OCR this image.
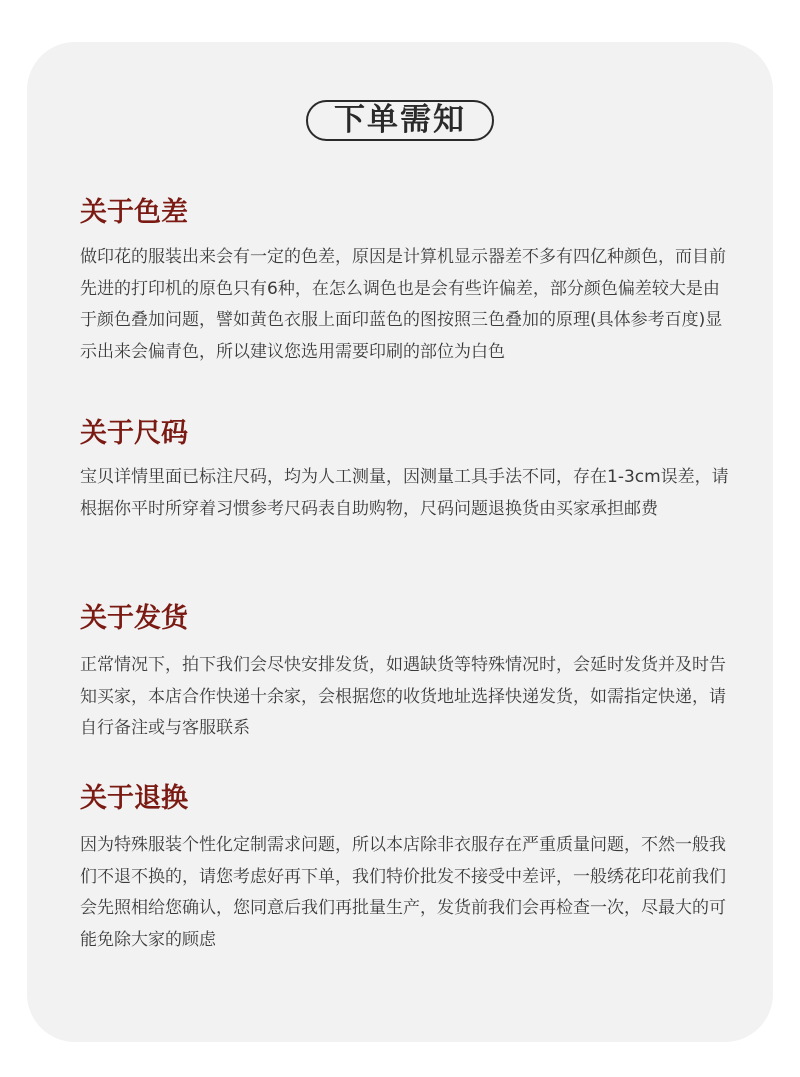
下单需知
关于色差

做印花的服装出来会有一定的色差，原因是计算机显示器差不多有四亿种颜色，而目前先进的打印机的原色只有6种，在怎么调色也是会有些许偏差，部分颜色偏差较大是由于颜色叠加问题，譬如黄色衣服上面印蓝色的图按照三色叠加的原理(具体参考百度)显示出来会偏青色，所以建议您选用需要印刷的部位为白色

关于尺码

宝贝详情里面已标注尺码，均为人工测量，因测量工具手法不同，存在1-3cm误差，请根据你平时所穿着习惯参考尺码表自助购物，尺码问题退换货由买家承担邮费

关于发货

正常情况下，拍下我们会尽快安排发货，如遇缺货等特殊情况时，会延时发货并及时告知买家，本店合作快递十余家，会根据您的收货地址选择快递发货，如需指定快递，请自行备注或与客服联系

关于退换

因为特殊服装个性化定制需求问题，所以本店除非衣服存在严重质量问题，不然一般我们不退不换的，请您考虑好再下单，我们特价批发不接受中差评，一般绣花印花前我们会先照相给您确认，您同意后我们再批量生产，发货前我们会再检查一次，尽最大的可能免除大家的顾虑
